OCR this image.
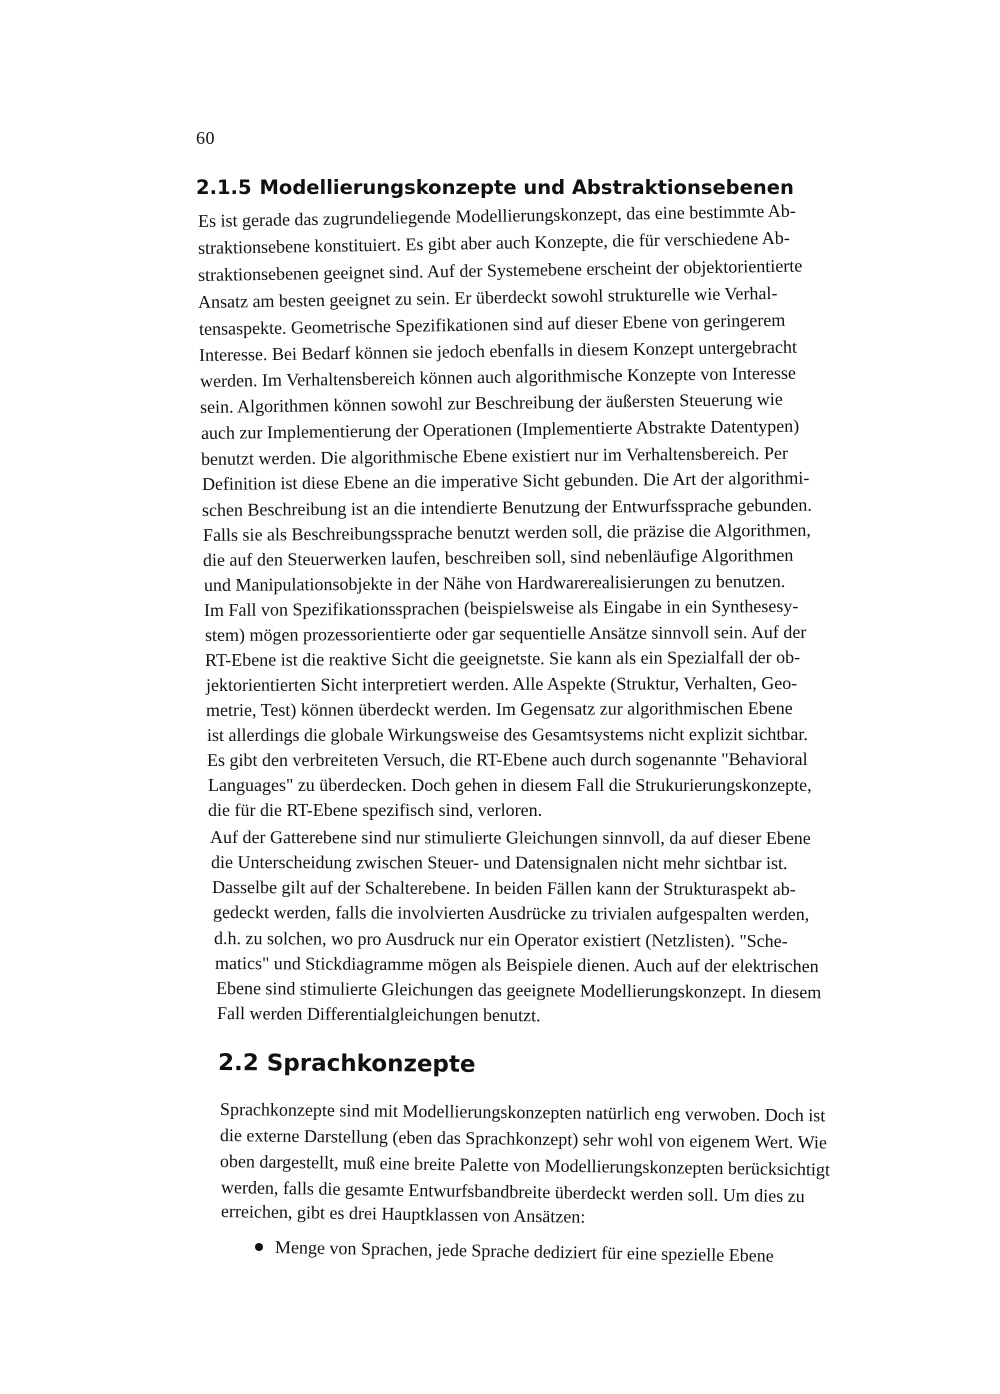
60
2.1.5 Modellierungskonzepte und Abstraktionsebenen

Es ist gerade das zugrundeliegende Modellierungskonzept, das eine bestimmte Ab-

straktionsebene konstituiert. Es gibt aber auch Konzepte, die für verschiedene Ab-

straktionsebenen geeignet sind. Auf der Systemebene erscheint der objektorientierte

Ansatz am besten geeignet zu sein. Er überdeckt sowohl strukturelle wie Verhal-

tensaspekte. Geometrische Spezifikationen sind auf dieser Ebene von geringerem

Interesse. Bei Bedarf können sie jedoch ebenfalls in diesem Konzept untergebracht

werden. Im Verhaltensbereich können auch algorithmische Konzepte von Interesse

sein. Algorithmen können sowohl zur Beschreibung der äußersten Steuerung wie

auch zur Implementierung der Operationen (Implementierte Abstrakte Datentypen)

benutzt werden. Die algorithmische Ebene existiert nur im Verhaltensbereich. Per

Definition ist diese Ebene an die imperative Sicht gebunden. Die Art der algorithmi-

schen Beschreibung ist an die intendierte Benutzung der Entwurfssprache gebunden.

Falls sie als Beschreibungssprache benutzt werden soll, die präzise die Algorithmen,

die auf den Steuerwerken laufen, beschreiben soll, sind nebenläufige Algorithmen

und Manipulationsobjekte in der Nähe von Hardwarerealisierungen zu benutzen.

Im Fall von Spezifikationssprachen (beispielsweise als Eingabe in ein Synthesesy-

stem) mögen prozessorientierte oder gar sequentielle Ansätze sinnvoll sein. Auf der

RT-Ebene ist die reaktive Sicht die geeignetste. Sie kann als ein Spezialfall der ob-

jektorientierten Sicht interpretiert werden. Alle Aspekte (Struktur, Verhalten, Geo-

metrie, Test) können überdeckt werden. Im Gegensatz zur algorithmischen Ebene

ist allerdings die globale Wirkungsweise des Gesamtsystems nicht explizit sichtbar.

Es gibt den verbreiteten Versuch, die RT-Ebene auch durch sogenannte "Behavioral

Languages" zu überdecken. Doch gehen in diesem Fall die Strukurierungskonzepte,

die für die RT-Ebene spezifisch sind, verloren.

Auf der Gatterebene sind nur stimulierte Gleichungen sinnvoll, da auf dieser Ebene

die Unterscheidung zwischen Steuer- und Datensignalen nicht mehr sichtbar ist.

Dasselbe gilt auf der Schalterebene. In beiden Fällen kann der Strukturaspekt ab-

gedeckt werden, falls die involvierten Ausdrücke zu trivialen aufgespalten werden,

d.h. zu solchen, wo pro Ausdruck nur ein Operator existiert (Netzlisten). "Sche-

matics" und Stickdiagramme mögen als Beispiele dienen. Auch auf der elektrischen

Ebene sind stimulierte Gleichungen das geeignete Modellierungskonzept. In diesem

Fall werden Differentialgleichungen benutzt.

2.2 Sprachkonzepte

Sprachkonzepte sind mit Modellierungskonzepten natürlich eng verwoben. Doch ist

die externe Darstellung (eben das Sprachkonzept) sehr wohl von eigenem Wert. Wie

oben dargestellt, muß eine breite Palette von Modellierungskonzepten berücksichtigt

werden, falls die gesamte Entwurfsbandbreite überdeckt werden soll. Um dies zu

erreichen, gibt es drei Hauptklassen von Ansätzen:

Menge von Sprachen, jede Sprache dediziert für eine spezielle Ebene
